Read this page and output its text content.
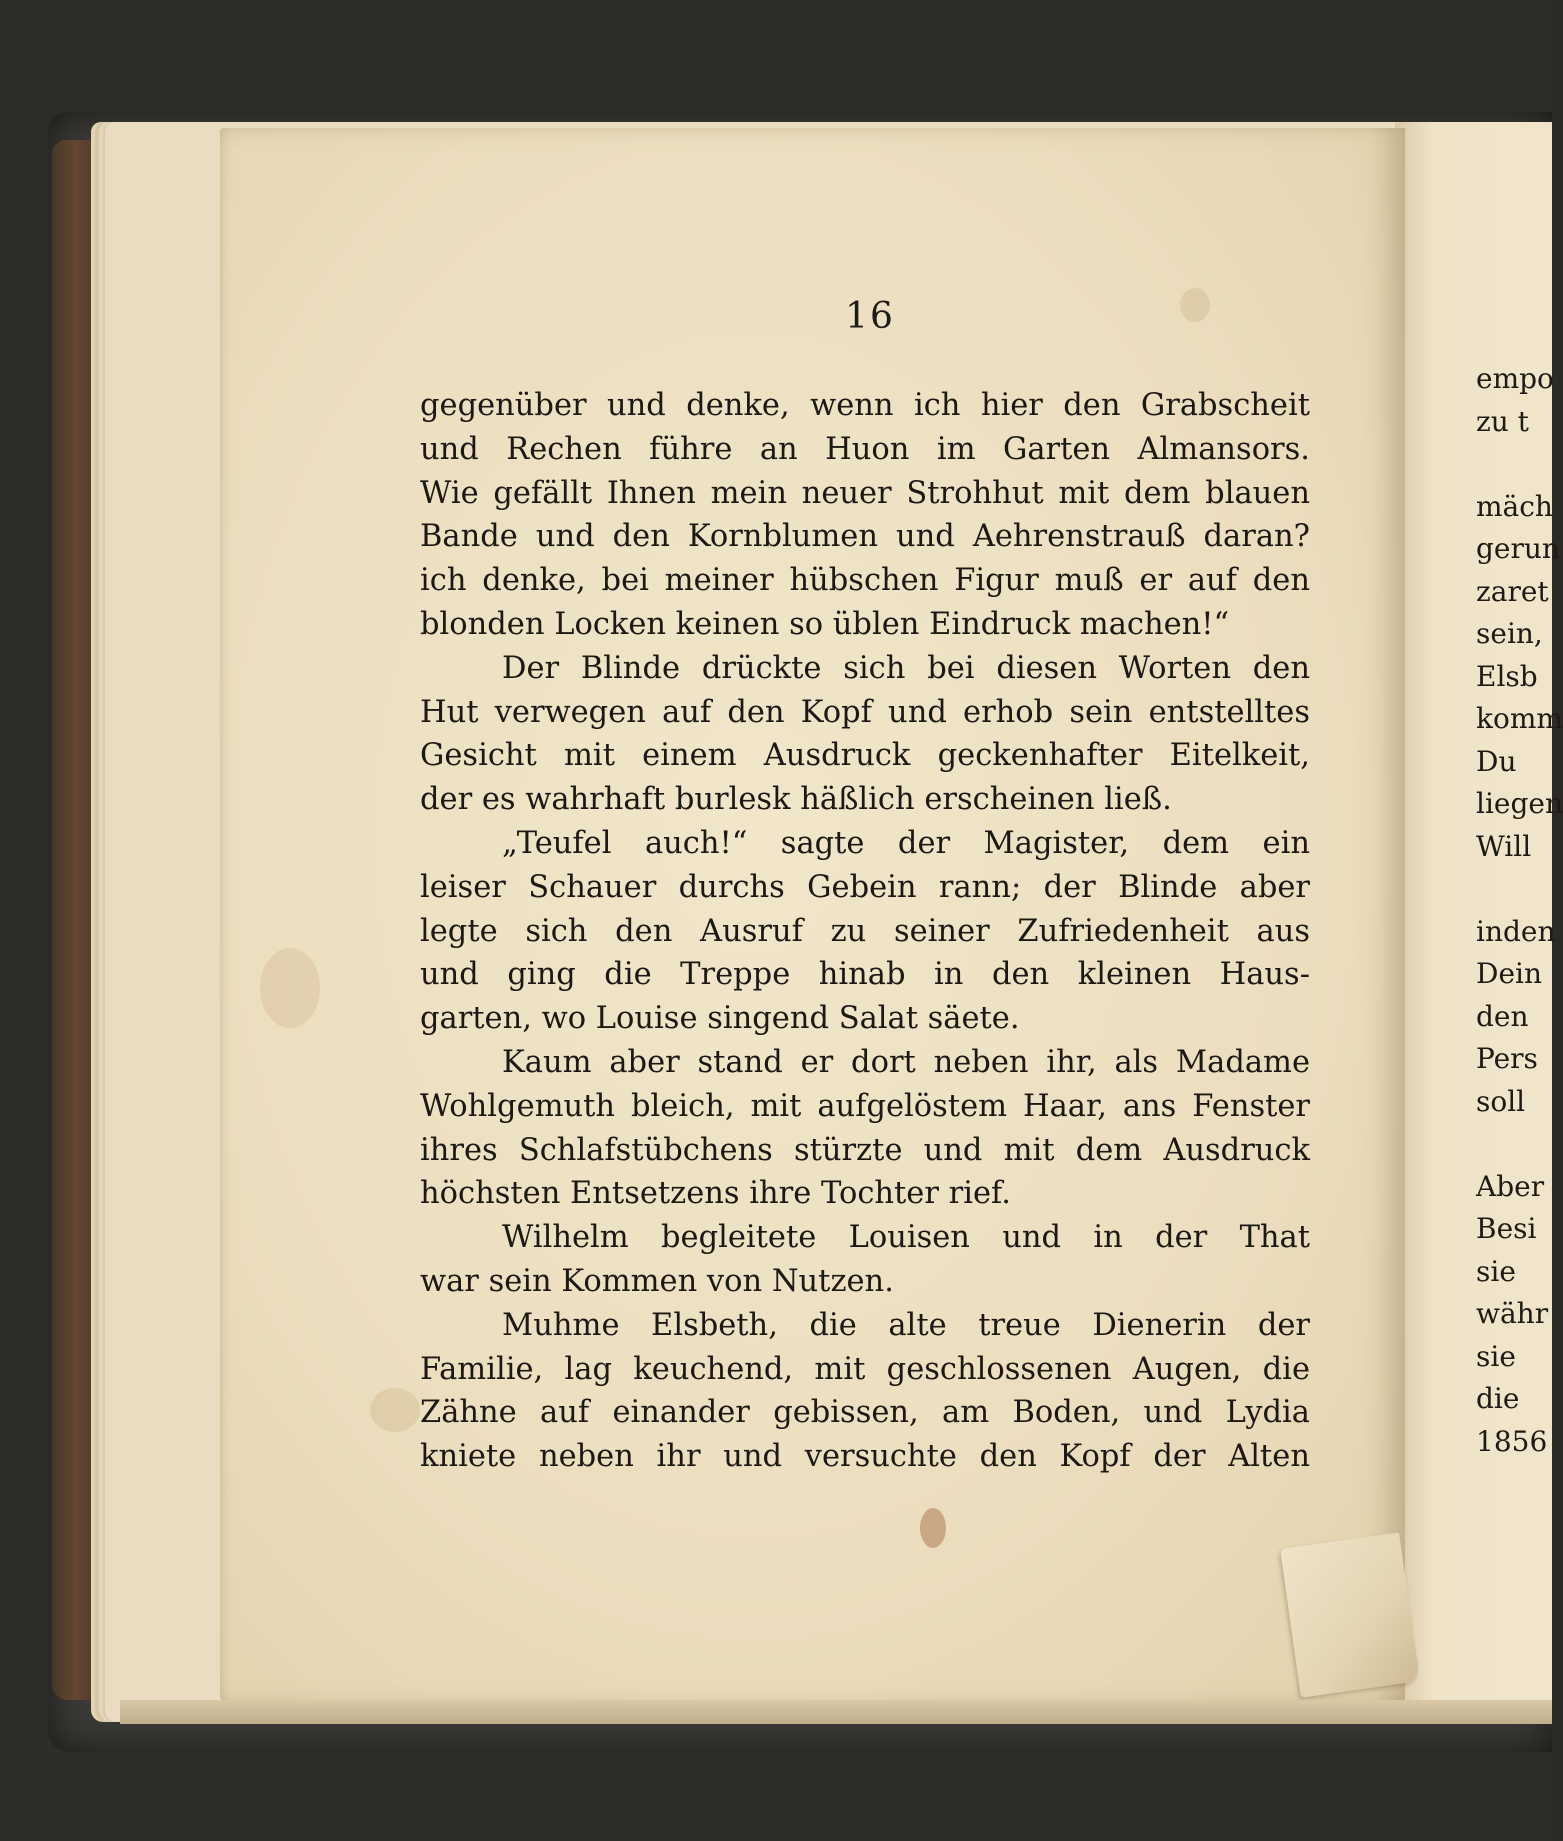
empo
zu t
mäch
gerun
zaret
sein,
Elsb
komm
Du
liegen
Will
inden
Dein
den
Pers
soll
Aber
Besi
sie
währ
sie
die
1856
16
gegenüber und denke, wenn ich hier den Grabscheit
und Rechen führe an Huon im Garten Almansors.
Wie gefällt Ihnen mein neuer Strohhut mit dem blauen
Bande und den Kornblumen und Aehrenstrauß daran?
ich denke, bei meiner hübschen Figur muß er auf den
blonden Locken keinen so üblen Eindruck machen!“
Der Blinde drückte sich bei diesen Worten den
Hut verwegen auf den Kopf und erhob sein entstelltes
Gesicht mit einem Ausdruck geckenhafter Eitelkeit,
der es wahrhaft burlesk häßlich erscheinen ließ.
„Teufel auch!“ sagte der Magister, dem ein
leiser Schauer durchs Gebein rann; der Blinde aber
legte sich den Ausruf zu seiner Zufriedenheit aus
und ging die Treppe hinab in den kleinen Haus-
garten, wo Louise singend Salat säete.
Kaum aber stand er dort neben ihr, als Madame
Wohlgemuth bleich, mit aufgelöstem Haar, ans Fenster
ihres Schlafstübchens stürzte und mit dem Ausdruck
höchsten Entsetzens ihre Tochter rief.
Wilhelm begleitete Louisen und in der That
war sein Kommen von Nutzen.
Muhme Elsbeth, die alte treue Dienerin der
Familie, lag keuchend, mit geschlossenen Augen, die
Zähne auf einander gebissen, am Boden, und Lydia
kniete neben ihr und versuchte den Kopf der Alten
